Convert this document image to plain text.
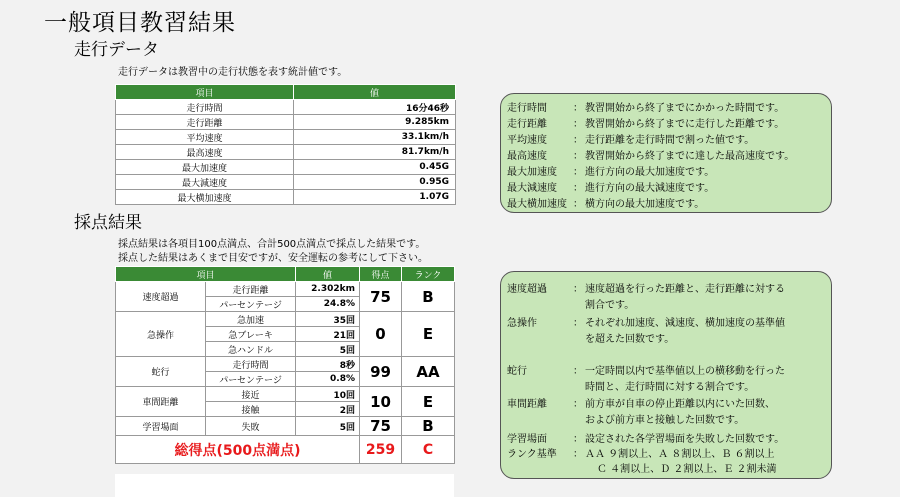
一般項目教習結果
走行データ
走行データは教習中の走行状態を表す統計値です。
項目	値
走行時間	16分46秒
走行距離	9.285km
平均速度	33.1km/h
最高速度	81.7km/h
最大加速度	0.45G
最大減速度	0.95G
最大横加速度	1.07G
走行時間	： 教習開始から終了までにかかった時間です。
走行距離	： 教習開始から終了までに走行した距離です。
平均速度	： 走行距離を走行時間で割った値です。
最高速度	： 教習開始から終了までに達した最高速度です。
最大加速度 ： 進行方向の最大加速度です。
最大減速度 ： 進行方向の最大減速度です。
最大横加速度 ： 横方向の最大加速度です。
採点結果
採点結果は各項目100点満点、合計500点満点で採点した結果です。
採点した結果はあくまで目安ですが、安全運転の参考にして下さい。
項目		値	得点	ランク
速度超過	走行距離	2.302km	75	B
	パーセンテージ	24.8%		
急操作	急加速	35回	0	E
	急ブレーキ	21回		
	急ハンドル	5回		
蛇行	走行時間	8秒	99	AA
	パーセンテージ	0.8%		
車間距離	接近	10回	10	E
	接触	2回		
学習場面	失敗	5回	75	B
総得点(500点満点)			259	C
速度超過	： 速度超過を行った距離と、走行距離に対する
割合です。
急操作	： それぞれ加速度、減速度、横加速度の基準値
を超えた回数です。
蛇行	： 一定時間以内で基準値以上の横移動を行った
時間と、走行時間に対する割合です。
車間距離	： 前方車が自車の停止距離以内にいた回数、
および前方車と接触した回数です。
学習場面	： 設定された各学習場面を失敗した回数です。
ランク基準 ： ＡＡ ９割以上、Ａ ８割以上、Ｂ ６割以上
Ｃ ４割以上、Ｄ ２割以上、Ｅ ２割未満
